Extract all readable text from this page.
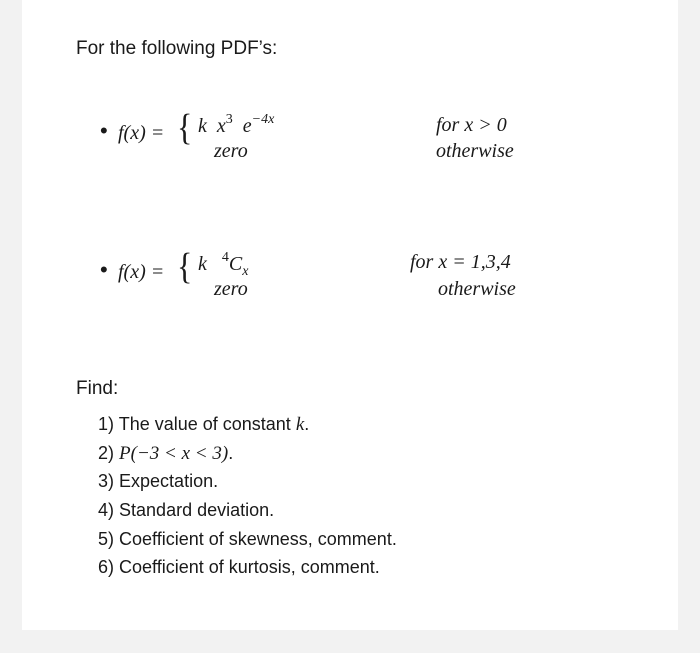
For the following PDF’s:
• f(x) = { k $x^3$ $e^{-4x}$
zero
for x > 0
otherwise
• f(x) = { k $^4C_x$
zero
for x = 1,3,4
otherwise
Find:
1) The value of constant k.
2) P(−3 < x < 3).
3) Expectation.
4) Standard deviation.
5) Coefficient of skewness, comment.
6) Coefficient of kurtosis, comment.
